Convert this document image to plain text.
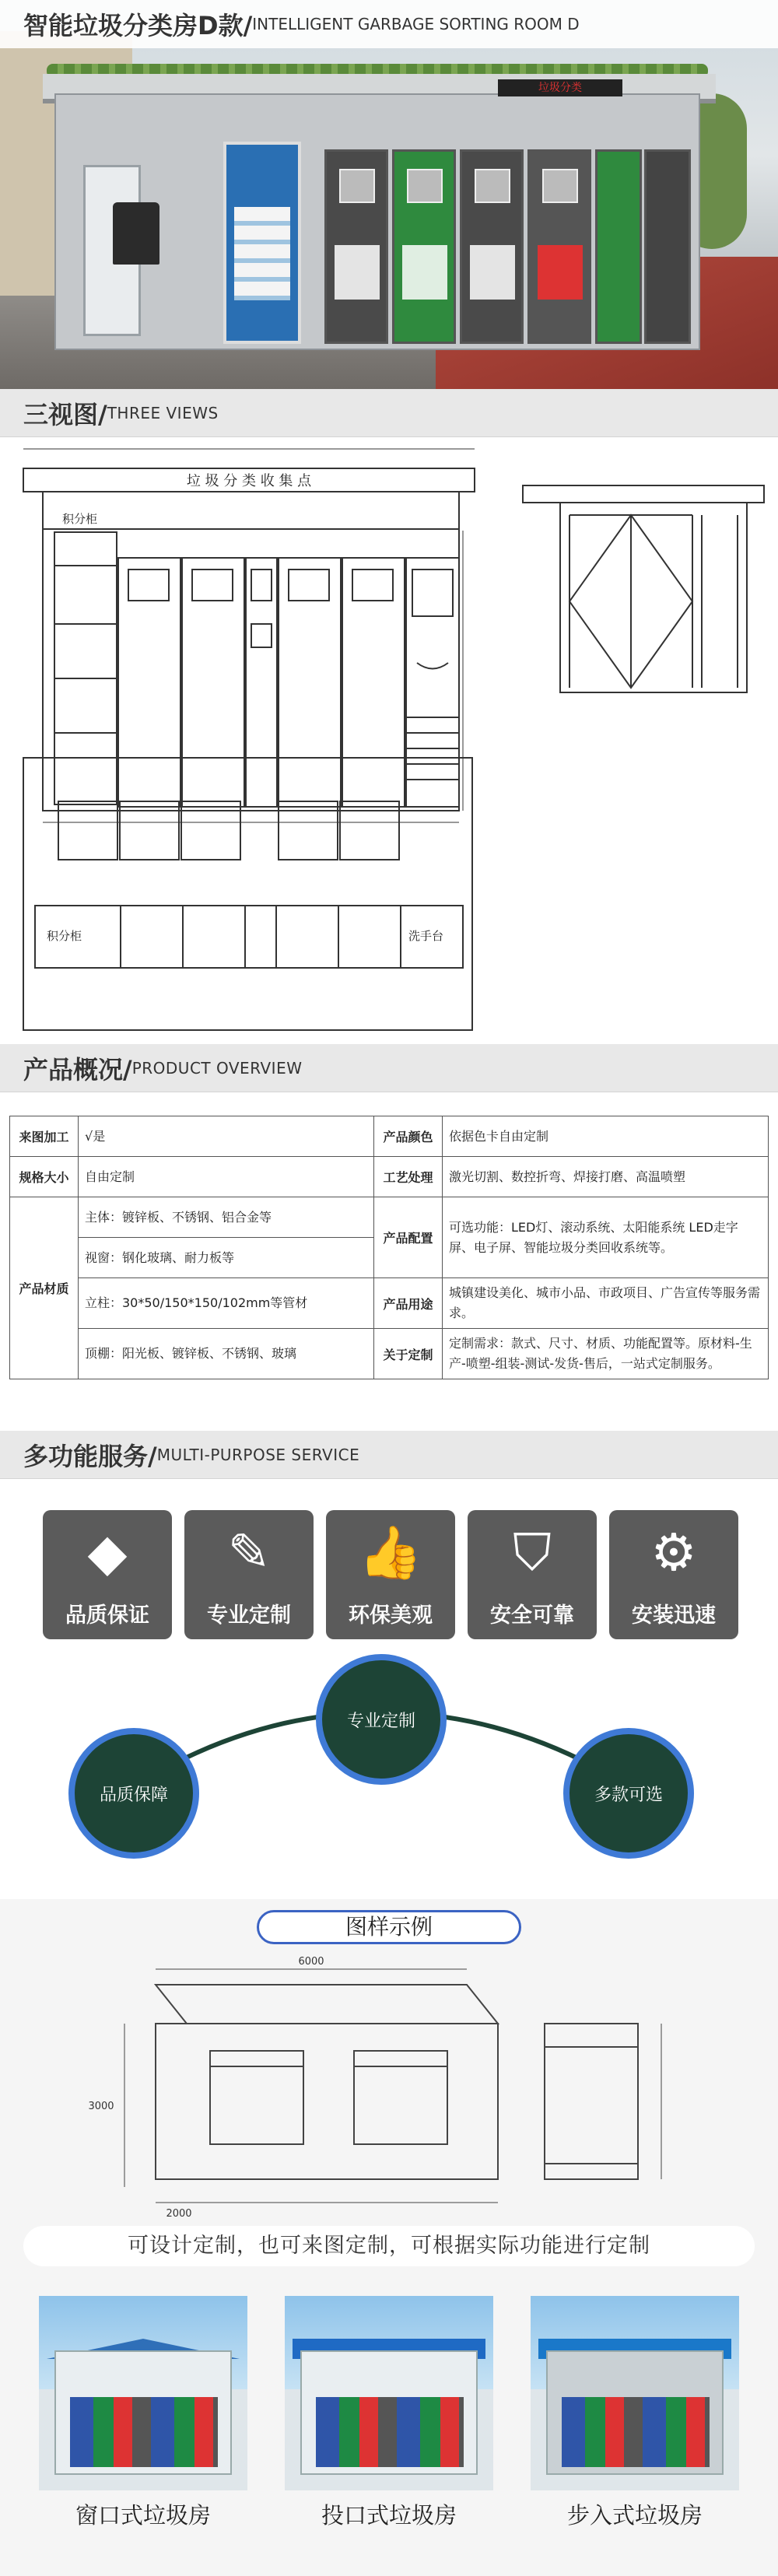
垃圾分类
智能垃圾分类房D款/ INTELLIGENT GARBAGE SORTING ROOM D
三视图/ THREE VIEWS
垃 圾 分 类 收 集 点
积分柜
积分柜	洗手台
产品概况/ PRODUCT OVERVIEW
来图加工	√是	产品颜色	依据色卡自由定制
规格大小	自由定制	工艺处理	激光切割、数控折弯、焊接打磨、高温喷塑
产品材质	主体：镀锌板、不锈钢、铝合金等	产品配置	可选功能：LED灯、滚动系统、太阳能系统 LED走字屏、电子屏、智能垃圾分类回收系统等。
	视窗：钢化玻璃、耐力板等		
	立柱：30*50/150*150/102mm等管材	产品用途	城镇建设美化、城市小品、市政项目、广告宣传等服务需求。
	顶棚：阳光板、镀锌板、不锈钢、玻璃	关于定制	定制需求：款式、尺寸、材质、功能配置等。原材料-生产-喷塑-组装-测试-发货-售后，一站式定制服务。
多功能服务/ MULTI-PURPOSE SERVICE
◆
品质保证
✎
专业定制
👍
环保美观
⛉
安全可靠
⚙
安装迅速
专业定制
品质保障	多款可选
图样示例
6000
3000
2000
可设计定制，也可来图定制，可根据实际功能进行定制
窗口式垃圾房	投口式垃圾房	步入式垃圾房
